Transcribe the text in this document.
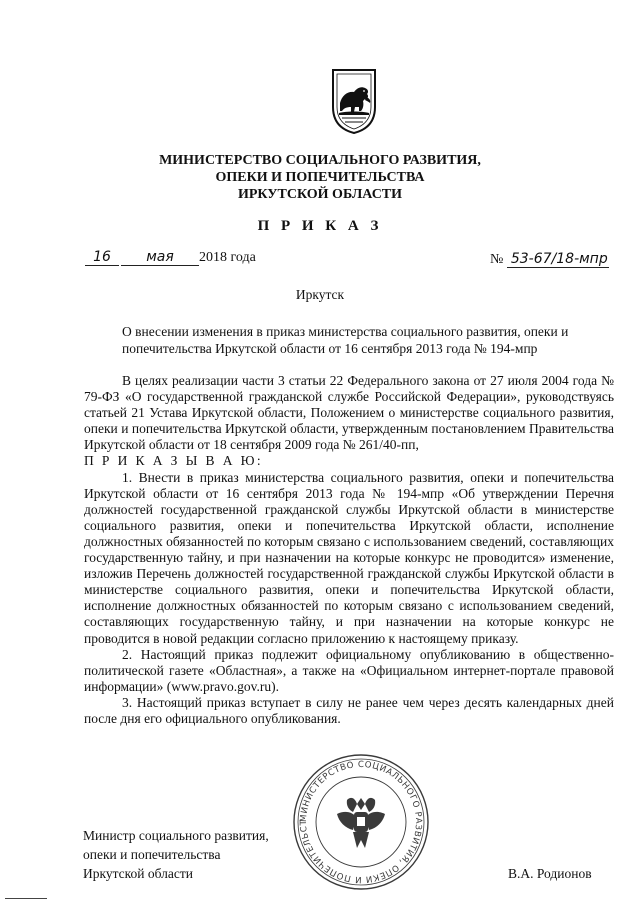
МИНИСТЕРСТВО СОЦИАЛЬНОГО РАЗВИТИЯ,
ОПЕКИ И ПОПЕЧИТЕЛЬСТВА
ИРКУТСКОЙ ОБЛАСТИ
П Р И К А З
16	мая 2018 года	№ 53-67/18-мпр
Иркутск
О внесении изменения в приказ министерства социального развития, опеки и попечительства Иркутской области от 16 сентября 2013 года № 194-мпр

В целях реализации части 3 статьи 22 Федерального закона от 27 июля 2004 года № 79-ФЗ «О государственной гражданской службе Российской Федерации», руководствуясь статьей 21 Устава Иркутской области, Положением о министерстве социального развития, опеки и попечительства Иркутской области, утвержденным постановлением Правительства Иркутской области от 18 сентября 2009 года № 261/40-пп,

П Р И К А З Ы В А Ю:

1. Внести в приказ министерства социального развития, опеки и попечительства Иркутской области от 16 сентября 2013 года № 194-мпр «Об утверждении Перечня должностей государственной гражданской службы Иркутской области в министерстве социального развития, опеки и попечительства Иркутской области, исполнение должностных обязанностей по которым связано с использованием сведений, составляющих государственную тайну, и при назначении на которые конкурс не проводится» изменение, изложив Перечень должностей государственной гражданской службы Иркутской области в министерстве социального развития, опеки и попечительства Иркутской области, исполнение должностных обязанностей по которым связано с использованием сведений, составляющих государственную тайну, и при назначении на которые конкурс не проводится в новой редакции согласно приложению к настоящему приказу.

2. Настоящий приказ подлежит официальному опубликованию в общественно-политической газете «Областная», а также на «Официальном интернет-портале правовой информации» (www.pravo.gov.ru).

3. Настоящий приказ вступает в силу не ранее чем через десять календарных дней после дня его официального опубликования.

Министр социального развития,
опеки и попечительства
Иркутской области	В.А. Родионов
МИНИСТЕРСТВО СОЦИАЛЬНОГО РАЗВИТИЯ, ОПЕКИ И ПОПЕЧИТЕЛЬСТ
